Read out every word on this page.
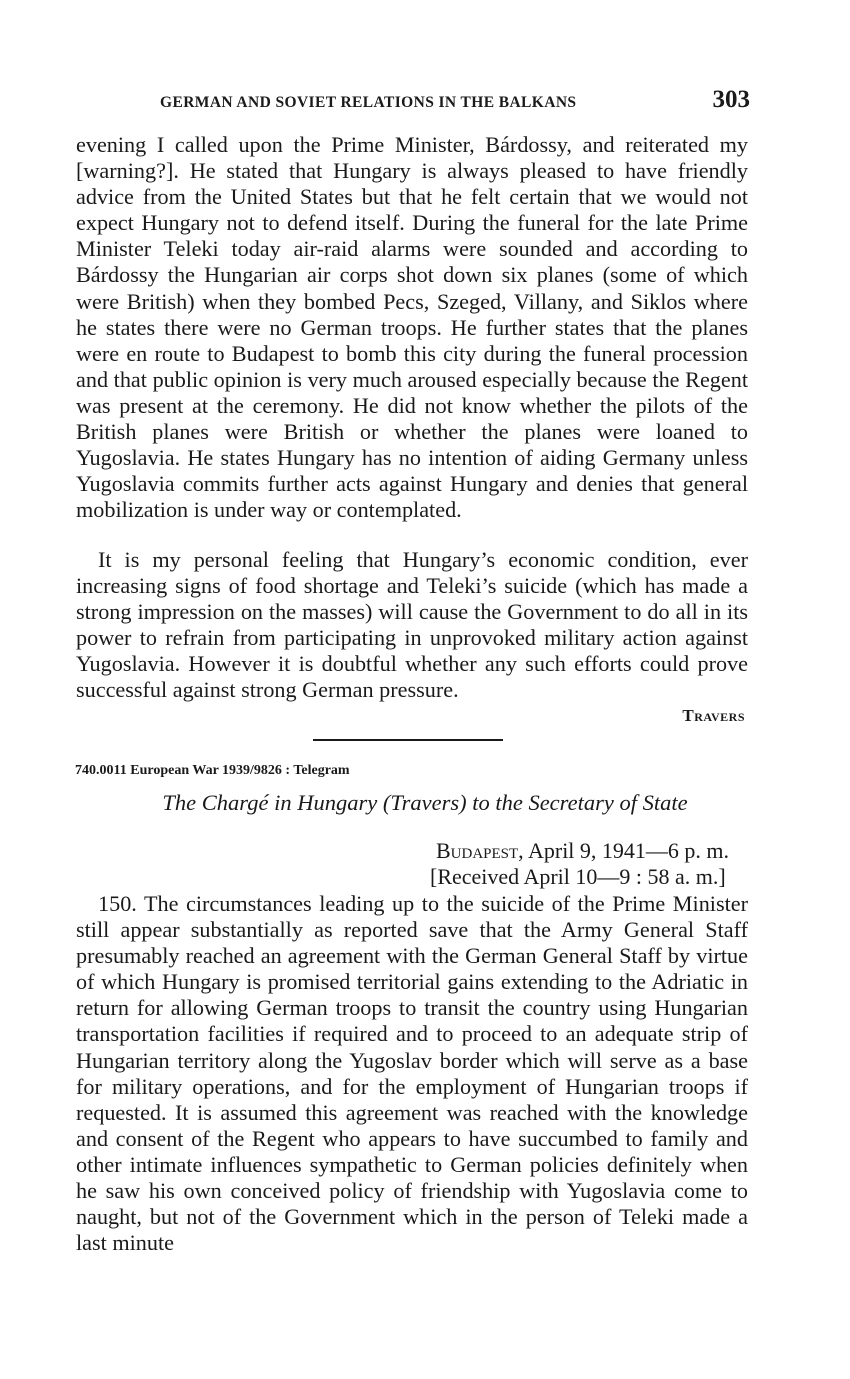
GERMAN AND SOVIET RELATIONS IN THE BALKANS	303

evening I called upon the Prime Minister, Bárdossy, and reiterated my [warning?]. He stated that Hungary is always pleased to have friendly advice from the United States but that he felt certain that we would not expect Hungary not to defend itself. During the funeral for the late Prime Minister Teleki today air-raid alarms were sounded and according to Bárdossy the Hungarian air corps shot down six planes (some of which were British) when they bombed Pecs, Szeged, Villany, and Siklos where he states there were no German troops. He further states that the planes were en route to Budapest to bomb this city during the funeral procession and that public opinion is very much aroused especially because the Regent was present at the ceremony. He did not know whether the pilots of the British planes were British or whether the planes were loaned to Yugoslavia. He states Hungary has no intention of aiding Germany unless Yugoslavia commits further acts against Hungary and denies that general mobilization is under way or contemplated.

It is my personal feeling that Hungary’s economic condition, ever increasing signs of food shortage and Teleki’s suicide (which has made a strong impression on the masses) will cause the Government to do all in its power to refrain from participating in unprovoked military action against Yugoslavia. However it is doubtful whether any such efforts could prove successful against strong German pressure.

Travers
740.0011 European War 1939/9826 : Telegram
The Chargé in Hungary (Travers) to the Secretary of State
Budapest, April 9, 1941—6 p. m.
[Received April 10—9 : 58 a. m.]

150. The circumstances leading up to the suicide of the Prime Minister still appear substantially as reported save that the Army General Staff presumably reached an agreement with the German General Staff by virtue of which Hungary is promised territorial gains extending to the Adriatic in return for allowing German troops to transit the country using Hungarian transportation facilities if required and to proceed to an adequate strip of Hungarian territory along the Yugoslav border which will serve as a base for military operations, and for the employment of Hungarian troops if requested. It is assumed this agreement was reached with the knowledge and consent of the Regent who appears to have succumbed to family and other intimate influences sympathetic to German policies definitely when he saw his own conceived policy of friendship with Yugoslavia come to naught, but not of the Government which in the person of Teleki made a last minute
